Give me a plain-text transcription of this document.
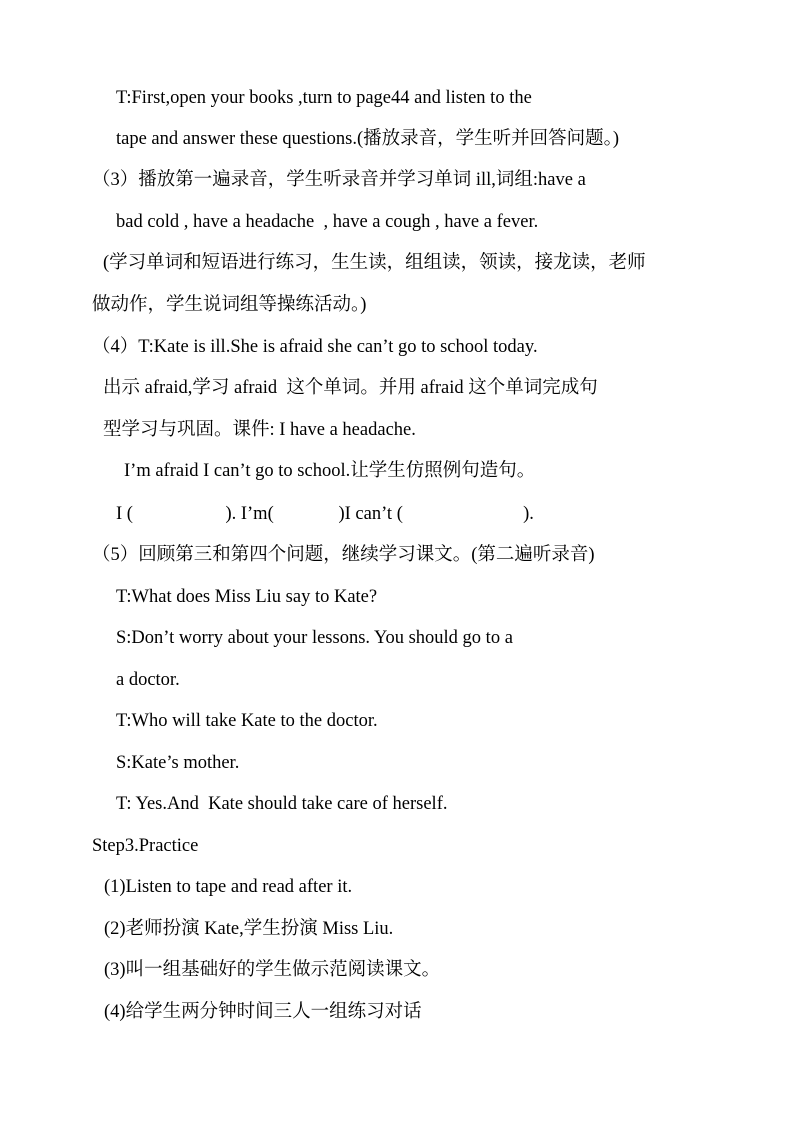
T:First,open your books ,turn to page44 and listen to the
tape and answer these questions.(播放录音，学生听并回答问题。)
（3）播放第一遍录音，学生听录音并学习单词 ill,词组:have a
bad cold , have a headache  , have a cough , have a fever.
(学习单词和短语进行练习，生生读，组组读，领读，接龙读，老师
做动作，学生说词组等操练活动。)
（4）T:Kate is ill.She is afraid she can’t go to school today.
出示 afraid,学习 afraid  这个单词。并用 afraid 这个单词完成句
型学习与巩固。课件: I have a headache.
I’m afraid I can’t go to school.让学生仿照例句造句。
I (                    ). I’m(              )I can’t (                          ).
（5）回顾第三和第四个问题，继续学习课文。(第二遍听录音)
T:What does Miss Liu say to Kate?
S:Don’t worry about your lessons. You should go to a
a doctor.
T:Who will take Kate to the doctor.
S:Kate’s mother.
T: Yes.And  Kate should take care of herself.
Step3.Practice
(1)Listen to tape and read after it.
(2)老师扮演 Kate,学生扮演 Miss Liu.
(3)叫一组基础好的学生做示范阅读课文。
(4)给学生两分钟时间三人一组练习对话
